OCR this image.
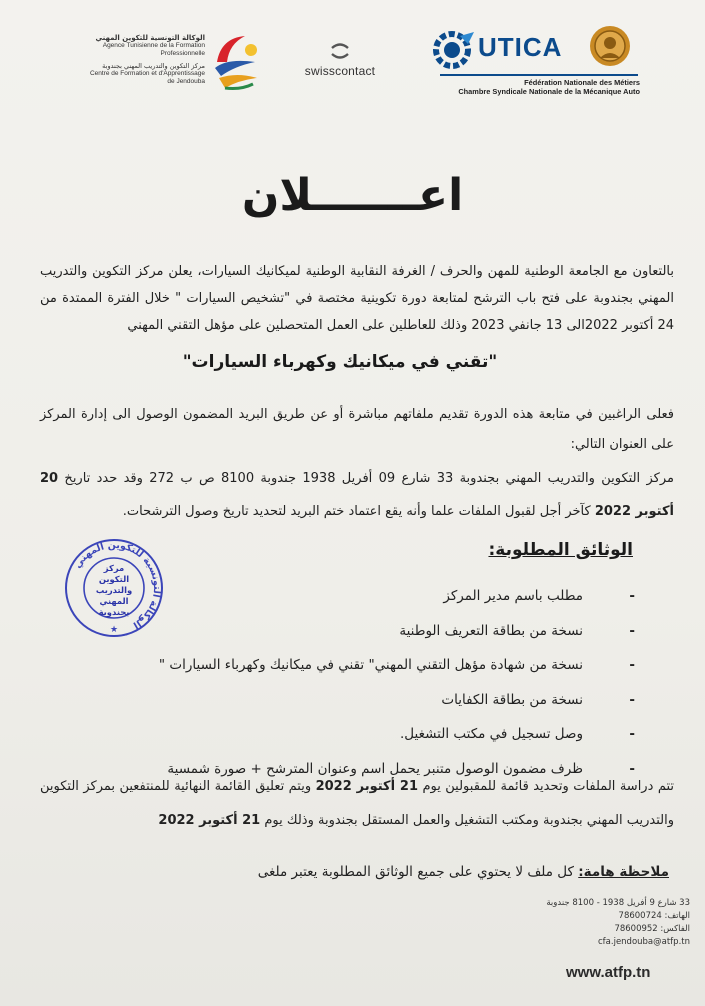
الوكالة التونسية للتكوين المهني
Agence Tunisienne de la Formation
Professionnelle
مركز التكوين والتدريب المهني بجندوبة
Centre de Formation et d'Apprentissage
de Jendouba
swisscontact
UTICA
Fédération Nationale des Métiers
Chambre Syndicale Nationale de la Mécanique Auto
اعـــــــلان
بالتعاون مع الجامعة الوطنية للمهن والحرف / الغرفة النقابية الوطنية لميكانيك السيارات، يعلن مركز التكوين والتدريب المهني بجندوبة على فتح باب الترشح لمتابعة دورة تكوينية مختصة في "تشخيص السيارات " خلال الفترة الممتدة من 24 أكتوبر 2022الى 13 جانفي 2023 وذلك للعاطلين على العمل المتحصلين على مؤهل التقني المهني
"تقني في ميكانيك وكهرباء السيارات"
فعلى الراغبين في متابعة هذه الدورة تقديم ملفاتهم مباشرة أو عن طريق البريد المضمون الوصول الى إدارة المركز على العنوان التالي:
مركز التكوين والتدريب المهني بجندوبة 33 شارع 09 أفريل 1938 جندوبة 8100 ص ب 272 وقد حدد تاريخ 20 أكتوبر 2022 كآخر أجل لقبول الملفات علما وأنه يقع اعتماد ختم البريد لتحديد تاريخ وصول الترشحات.
الوكالة التونسية للتكوين المهني
★
مركز التكوين
والتدريب المهني
بجندوبة
الوثائق المطلوبة:
-
مطلب باسم مدير المركز
-
نسخة من بطاقة التعريف الوطنية
-
نسخة من شهادة مؤهل التقني المهني" تقني في ميكانيك وكهرباء السيارات "
-
نسخة من بطاقة الكفايات
-
وصل تسجيل في مكتب التشغيل.
-
ظرف مضمون الوصول متنبر يحمل اسم وعنوان المترشح + صورة شمسية
تتم دراسة الملفات وتحديد قائمة للمقبولين يوم 21 أكتوبر 2022 ويتم تعليق القائمة النهائية للمنتفعين بمركز التكوين والتدريب المهني بجندوبة ومكتب التشغيل والعمل المستقل بجندوبة وذلك يوم 21 أكتوبر 2022
ملاحظة هامة: كل ملف لا يحتوي على جميع الوثائق المطلوبة يعتبر ملغى
33 شارع 9 أفريل 1938 - 8100 جندوبة
الهاتف: 78600724
الفاكس: 78600952
cfa.jendouba@atfp.tn
www.atfp.tn
